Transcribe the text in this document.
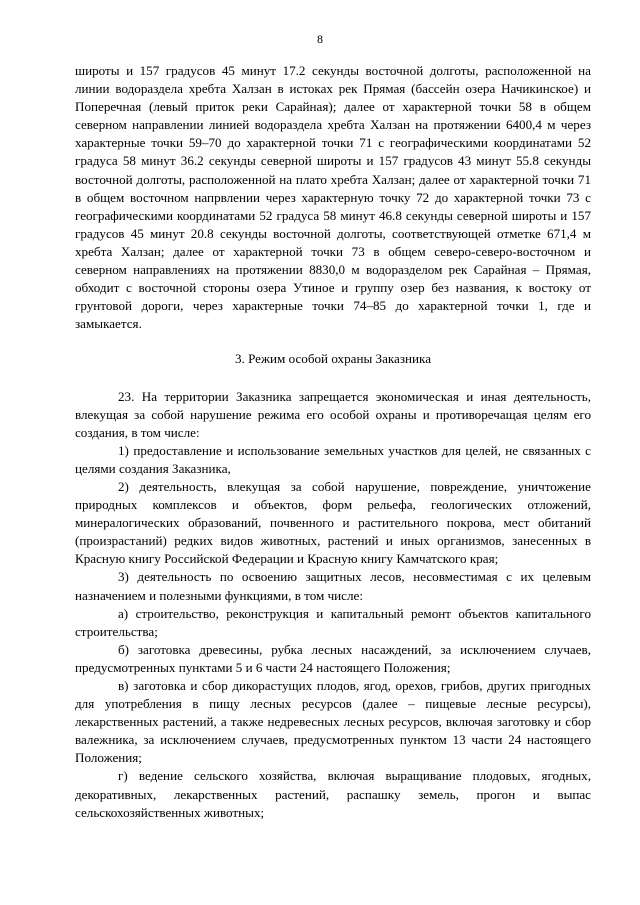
8

широты и 157 градусов 45 минут 17.2 секунды восточной долготы, расположенной на линии водораздела хребта Халзан в истоках рек Прямая (бассейн озера Начикинское) и Поперечная (левый приток реки Сарайная); далее от характерной точки 58 в общем северном направлении линией водораздела хребта Халзан на протяжении 6400,4 м через характерные точки 59–70 до характерной точки 71 с географическими координатами 52 градуса 58 минут 36.2 секунды северной широты и 157 градусов 43 минут 55.8 секунды восточной долготы, расположенной на плато хребта Халзан; далее от характерной точки 71 в общем восточном напрвлении через характерную точку 72 до характерной точки 73 с географическими координатами 52 градуса 58 минут 46.8 секунды северной широты и 157 градусов 45 минут 20.8 секунды восточной долготы, соответствующей отметке 671,4 м хребта Халзан; далее от характерной точки 73 в общем северо-северо-восточном и северном направлениях на протяжении 8830,0 м водоразделом рек Сарайная – Прямая, обходит с восточной стороны озера Утиное и группу озер без названия, к востоку от грунтовой дороги, через характерные точки 74–85 до характерной точки 1, где и замыкается.

3. Режим особой охраны Заказника

23. На территории Заказника запрещается экономическая и иная деятельность, влекущая за собой нарушение режима его особой охраны и противоречащая целям его создания, в том числе:

1) предоставление и использование земельных участков для целей, не связанных с целями создания Заказника,

2) деятельность, влекущая за собой нарушение, повреждение, уничтожение природных комплексов и объектов, форм рельефа, геологических отложений, минералогических образований, почвенного и растительного покрова, мест обитаний (произрастаний) редких видов животных, растений и иных организмов, занесенных в Красную книгу Российской Федерации и Красную книгу Камчатского края;

3) деятельность по освоению защитных лесов, несовместимая с их целевым назначением и полезными функциями, в том числе:

а) строительство, реконструкция и капитальный ремонт объектов капитального строительства;

б) заготовка древесины, рубка лесных насаждений, за исключением случаев, предусмотренных пунктами 5 и 6 части 24 настоящего Положения;

в) заготовка и сбор дикорастущих плодов, ягод, орехов, грибов, других пригодных для употребления в пищу лесных ресурсов (далее – пищевые лесные ресурсы), лекарственных растений, а также недревесных лесных ресурсов, включая заготовку и сбор валежника, за исключением случаев, предусмотренных пунктом 13 части 24 настоящего Положения;

г) ведение сельского хозяйства, включая выращивание плодовых, ягодных, декоративных, лекарственных растений, распашку земель, прогон и выпас сельскохозяйственных животных;
